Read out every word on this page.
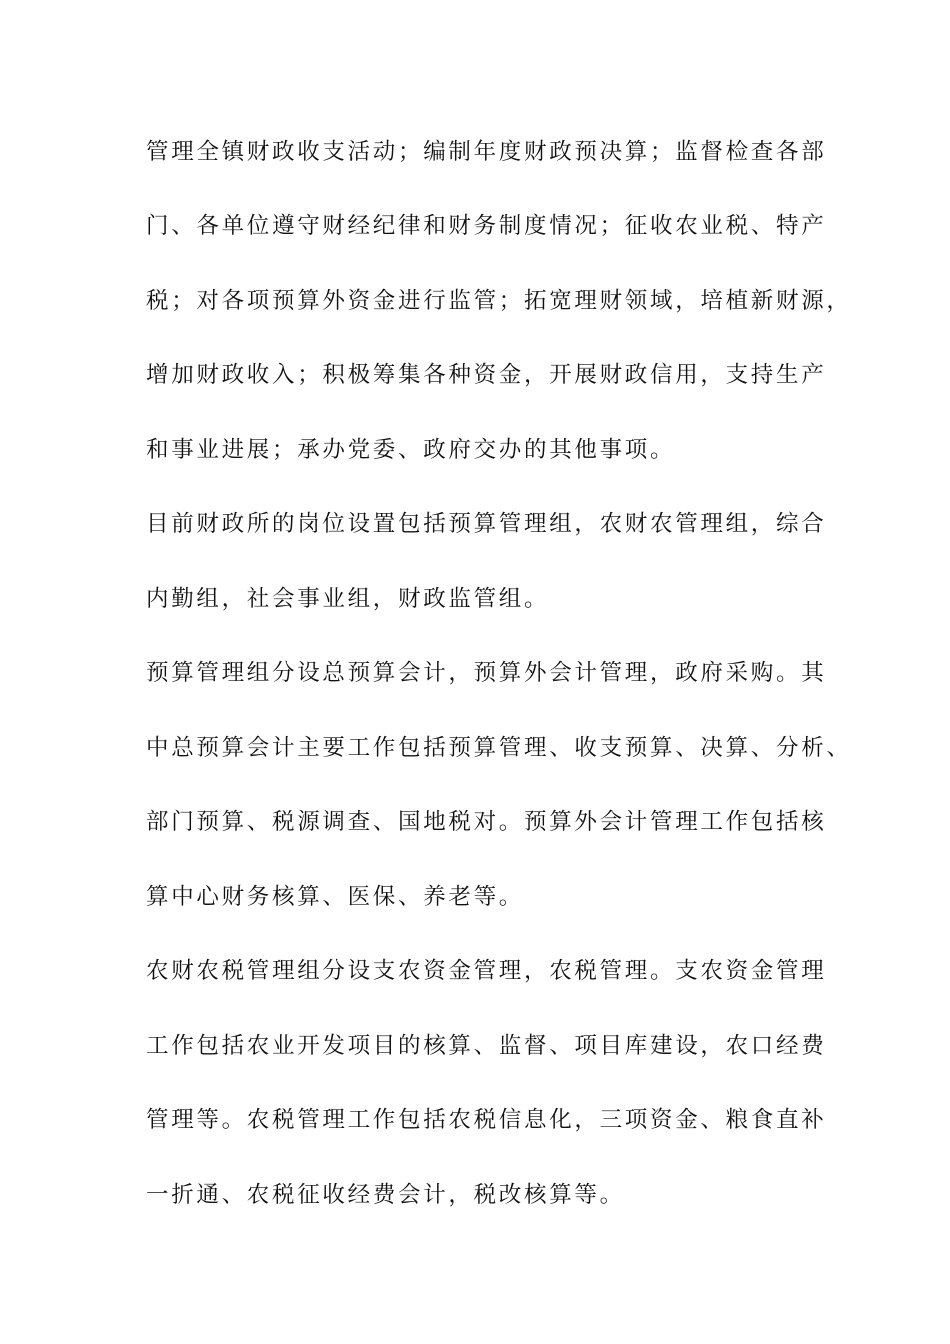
管理全镇财政收支活动；编制年度财政预决算；监督检查各部
门、各单位遵守财经纪律和财务制度情况；征收农业税、特产
税；对各项预算外资金进行监管；拓宽理财领域，培植新财源，
增加财政收入；积极筹集各种资金，开展财政信用，支持生产
和事业进展；承办党委、政府交办的其他事项。
目前财政所的岗位设置包括预算管理组，农财农管理组，综合
内勤组，社会事业组，财政监管组。
预算管理组分设总预算会计，预算外会计管理，政府采购。其
中总预算会计主要工作包括预算管理、收支预算、决算、分析、
部门预算、税源调查、国地税对。预算外会计管理工作包括核
算中心财务核算、医保、养老等。
农财农税管理组分设支农资金管理，农税管理。支农资金管理
工作包括农业开发项目的核算、监督、项目库建设，农口经费
管理等。农税管理工作包括农税信息化，三项资金、粮食直补
一折通、农税征收经费会计，税改核算等。
